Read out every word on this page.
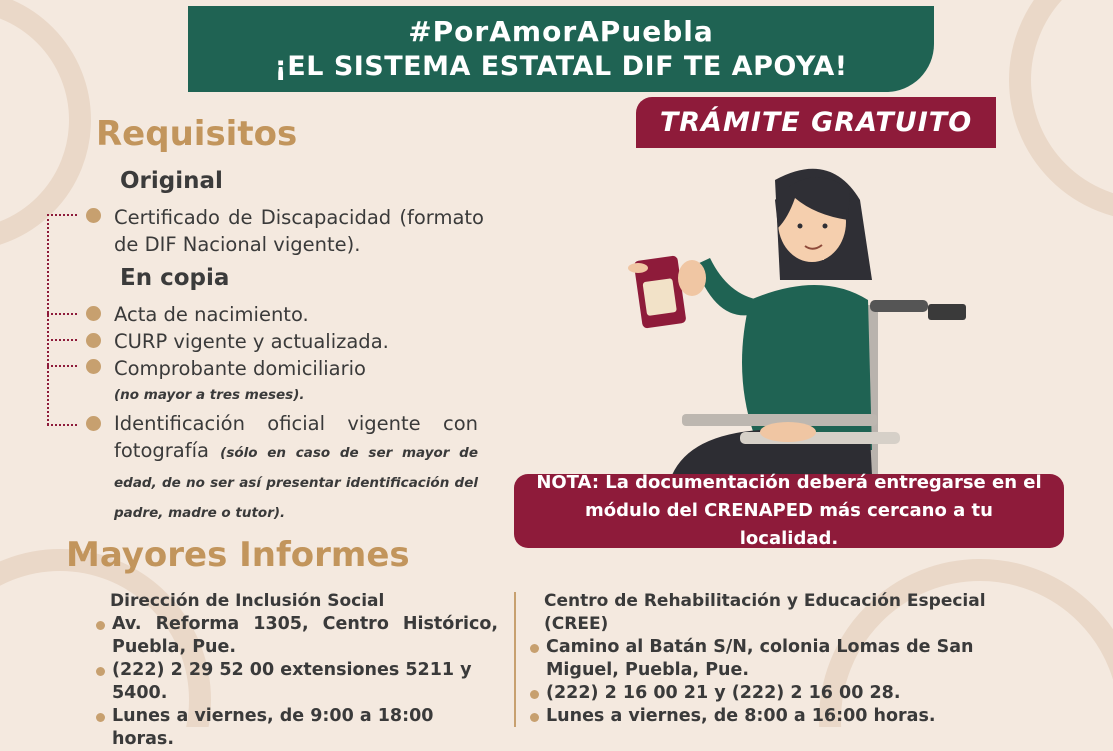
#PorAmorAPuebla
¡EL SISTEMA ESTATAL DIF TE APOYA!
TRÁMITE GRATUITO
Requisitos
Original
Certificado de Discapacidad (formato de DIF Nacional vigente).
En copia
Acta de nacimiento.
CURP vigente y actualizada.
Comprobante domiciliario
(no mayor a tres meses).
Identificación oficial vigente con fotografía (sólo en caso de ser mayor de edad, de no ser así presentar identificación del padre, madre o tutor).
NOTA: La documentación deberá entregarse en el módulo del CRENAPED más cercano a tu localidad.
Mayores Informes
Dirección de Inclusión Social
Av. Reforma 1305, Centro Histórico, Puebla, Pue.
(222) 2 29 52 00 extensiones 5211 y 5400.
Lunes a viernes, de 9:00 a 18:00 horas.
Centro de Rehabilitación y Educación Especial (CREE)
Camino al Batán S/N, colonia Lomas de San Miguel, Puebla, Pue.
(222) 2 16 00 21 y (222) 2 16 00 28.
Lunes a viernes, de 8:00 a 16:00 horas.
